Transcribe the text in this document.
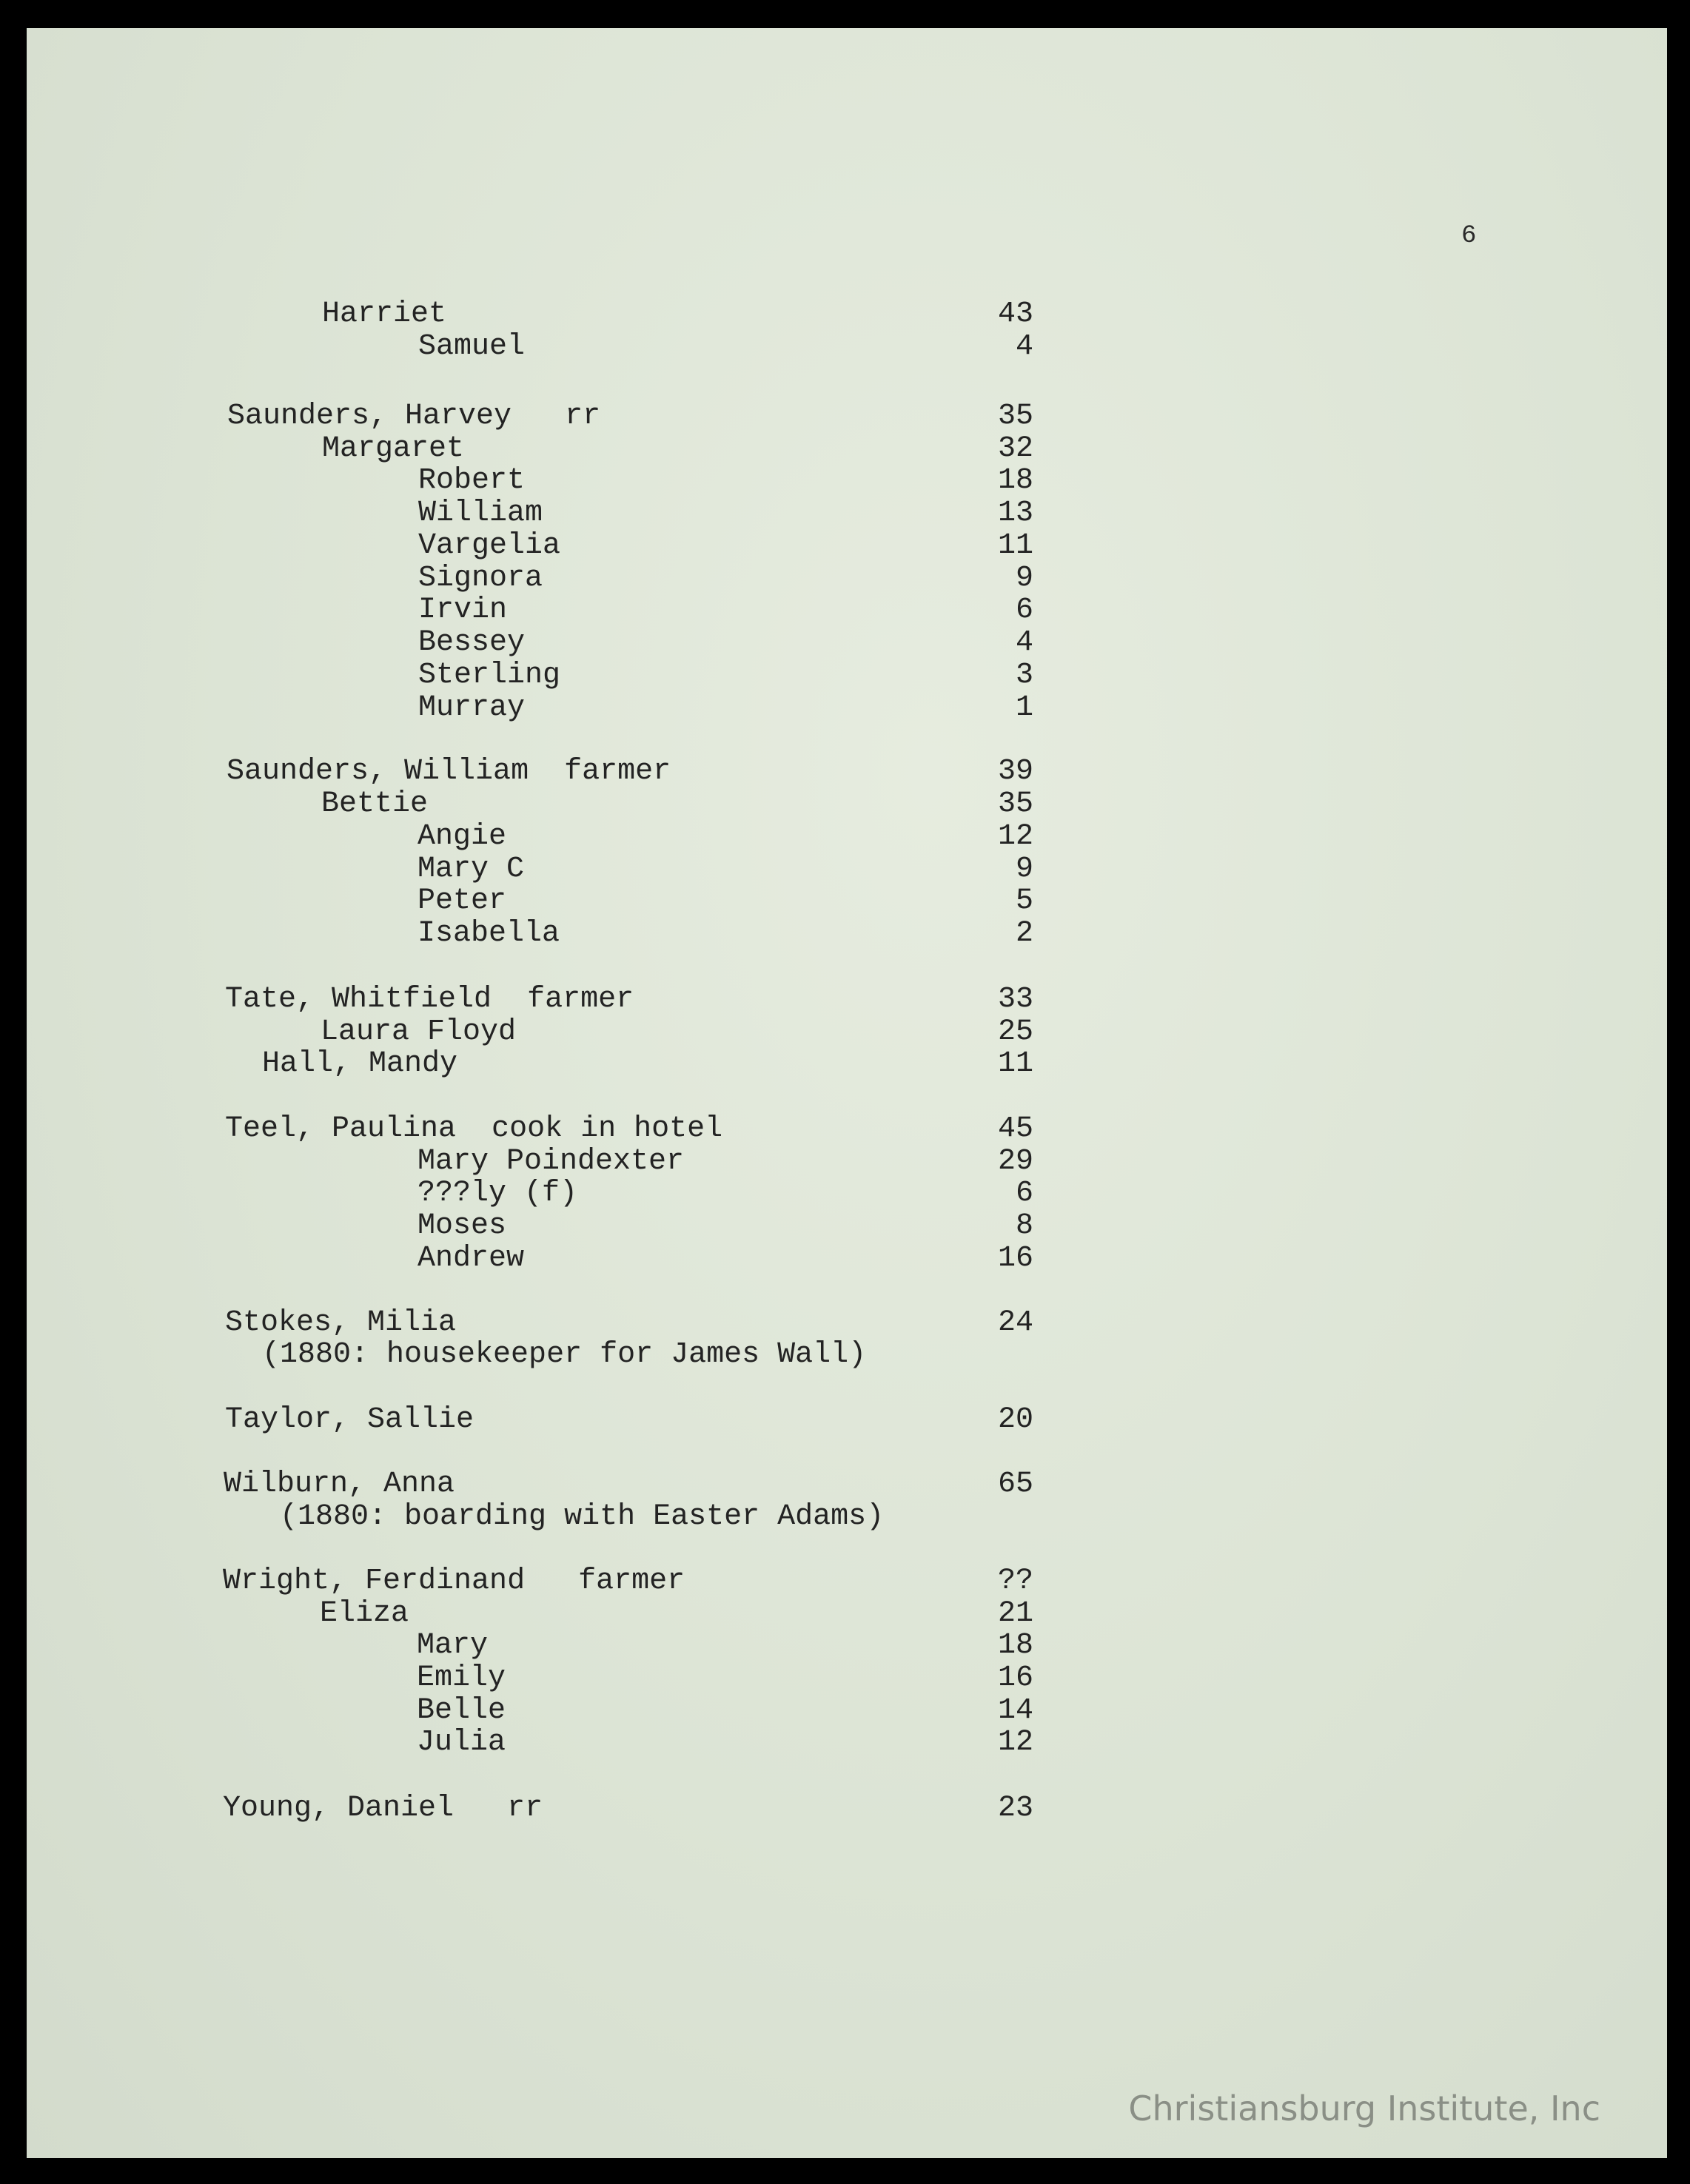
6
Harriet	43
Samuel	4
Saunders, Harvey   rr	35
Margaret	32
Robert	18
William	13
Vargelia	11
Signora	9
Irvin	6
Bessey	4
Sterling	3
Murray	1
Saunders, William  farmer	39
Bettie	35
Angie	12
Mary C	9
Peter	5
Isabella	2
Tate, Whitfield  farmer	33
Laura Floyd	25
Hall, Mandy	11
Teel, Paulina  cook in hotel	45
Mary Poindexter	29
???ly (f)	6
Moses	8
Andrew	16
Stokes, Milia	24
(1880: housekeeper for James Wall)
Taylor, Sallie	20
Wilburn, Anna	65
(1880: boarding with Easter Adams)
Wright, Ferdinand   farmer	??
Eliza	21
Mary	18
Emily	16
Belle	14
Julia	12
Young, Daniel   rr	23
Christiansburg Institute, Inc
